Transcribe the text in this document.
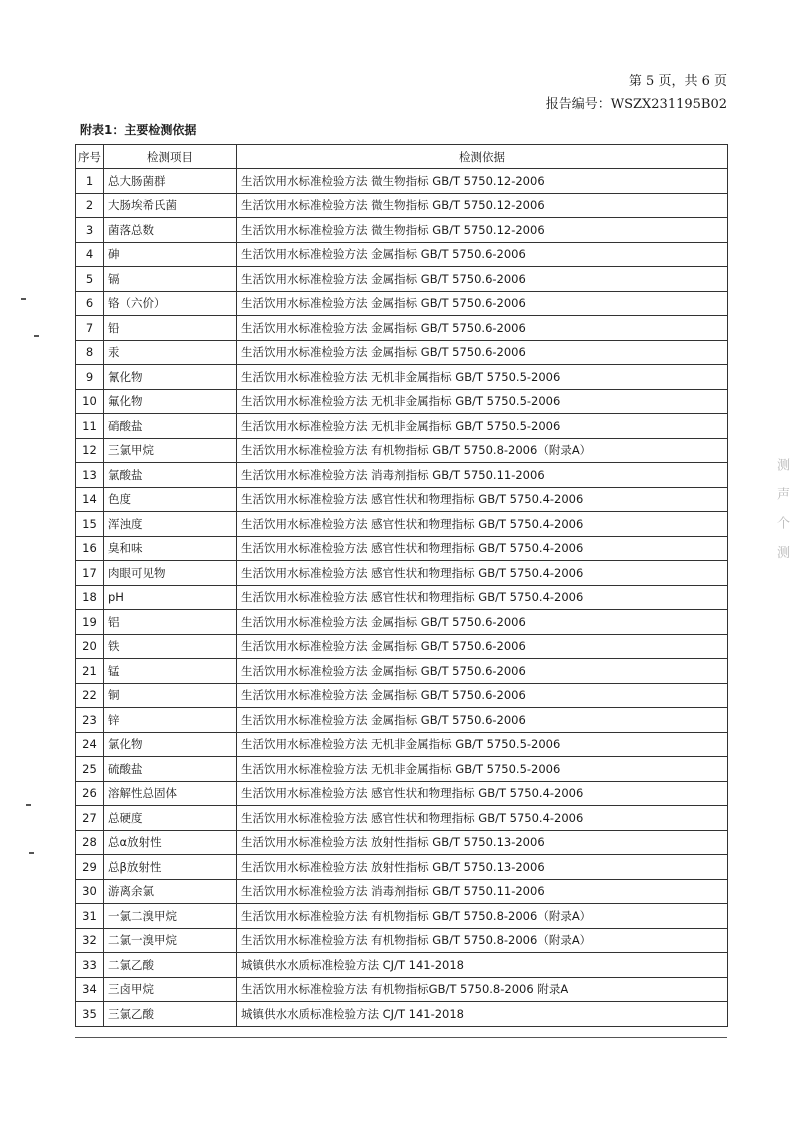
第 5 页，共 6 页
报告编号：WSZX231195B02
附表1：主要检测依据
序号	检测项目	检测依据
1	总大肠菌群	生活饮用水标准检验方法 微生物指标 GB/T 5750.12-2006
2	大肠埃希氏菌	生活饮用水标准检验方法 微生物指标 GB/T 5750.12-2006
3	菌落总数	生活饮用水标准检验方法 微生物指标 GB/T 5750.12-2006
4	砷	生活饮用水标准检验方法 金属指标 GB/T 5750.6-2006
5	镉	生活饮用水标准检验方法 金属指标 GB/T 5750.6-2006
6	铬（六价）	生活饮用水标准检验方法 金属指标 GB/T 5750.6-2006
7	铅	生活饮用水标准检验方法 金属指标 GB/T 5750.6-2006
8	汞	生活饮用水标准检验方法 金属指标 GB/T 5750.6-2006
9	氰化物	生活饮用水标准检验方法 无机非金属指标 GB/T 5750.5-2006
10	氟化物	生活饮用水标准检验方法 无机非金属指标 GB/T 5750.5-2006
11	硝酸盐	生活饮用水标准检验方法 无机非金属指标 GB/T 5750.5-2006
12	三氯甲烷	生活饮用水标准检验方法 有机物指标 GB/T 5750.8-2006（附录A）
13	氯酸盐	生活饮用水标准检验方法 消毒剂指标 GB/T 5750.11-2006
14	色度	生活饮用水标准检验方法 感官性状和物理指标 GB/T 5750.4-2006
15	浑浊度	生活饮用水标准检验方法 感官性状和物理指标 GB/T 5750.4-2006
16	臭和味	生活饮用水标准检验方法 感官性状和物理指标 GB/T 5750.4-2006
17	肉眼可见物	生活饮用水标准检验方法 感官性状和物理指标 GB/T 5750.4-2006
18	pH	生活饮用水标准检验方法 感官性状和物理指标 GB/T 5750.4-2006
19	铝	生活饮用水标准检验方法 金属指标 GB/T 5750.6-2006
20	铁	生活饮用水标准检验方法 金属指标 GB/T 5750.6-2006
21	锰	生活饮用水标准检验方法 金属指标 GB/T 5750.6-2006
22	铜	生活饮用水标准检验方法 金属指标 GB/T 5750.6-2006
23	锌	生活饮用水标准检验方法 金属指标 GB/T 5750.6-2006
24	氯化物	生活饮用水标准检验方法 无机非金属指标 GB/T 5750.5-2006
25	硫酸盐	生活饮用水标准检验方法 无机非金属指标 GB/T 5750.5-2006
26	溶解性总固体	生活饮用水标准检验方法 感官性状和物理指标 GB/T 5750.4-2006
27	总硬度	生活饮用水标准检验方法 感官性状和物理指标 GB/T 5750.4-2006
28	总α放射性	生活饮用水标准检验方法 放射性指标 GB/T 5750.13-2006
29	总β放射性	生活饮用水标准检验方法 放射性指标 GB/T 5750.13-2006
30	游离余氯	生活饮用水标准检验方法 消毒剂指标 GB/T 5750.11-2006
31	一氯二溴甲烷	生活饮用水标准检验方法 有机物指标 GB/T 5750.8-2006（附录A）
32	二氯一溴甲烷	生活饮用水标准检验方法 有机物指标 GB/T 5750.8-2006（附录A）
33	二氯乙酸	城镇供水水质标准检验方法 CJ/T 141-2018
34	三卤甲烷	生活饮用水标准检验方法 有机物指标GB/T 5750.8-2006 附录A
35	三氯乙酸	城镇供水水质标准检验方法 CJ/T 141-2018
测 声 个 测
